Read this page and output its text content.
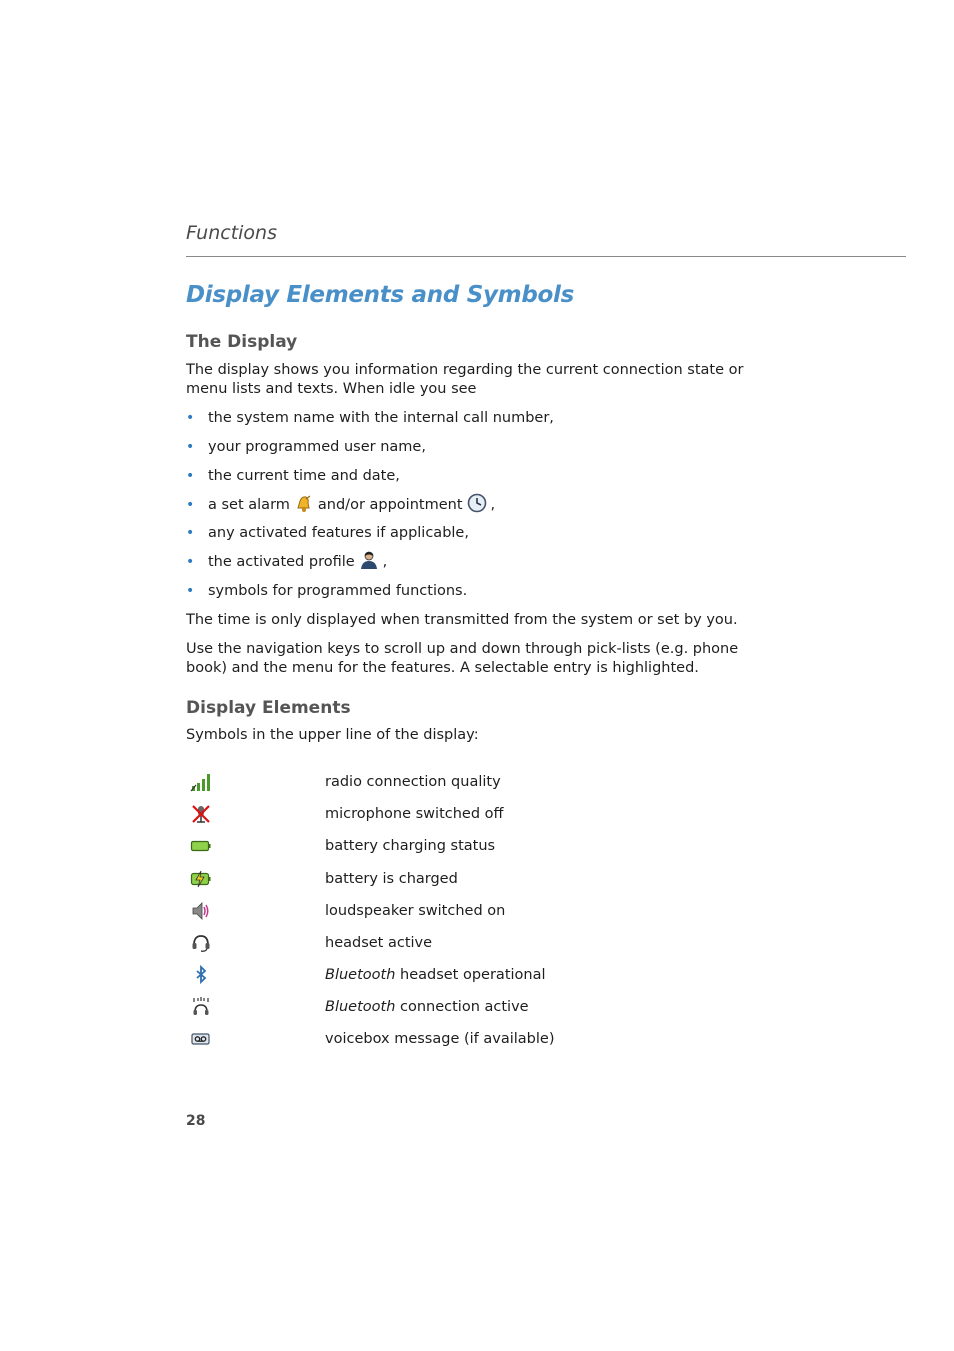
Functions
Display Elements and Symbols
The Display
The display shows you information regarding the current connection state or menu lists and texts. When idle you see
• the system name with the internal call number,
• your programmed user name,
• the current time and date,
• a set alarm and/or appointment ,
• any activated features if applicable,
• the activated profile ,
• symbols for programmed functions.
The time is only displayed when transmitted from the system or set by you.
Use the navigation keys to scroll up and down through pick-lists (e.g. phone book) and the menu for the features. A selectable entry is highlighted.
Display Elements
Symbols in the upper line of the display:
radio connection quality
microphone switched off
battery charging status
battery is charged
loudspeaker switched on
headset active
Bluetooth headset operational
Bluetooth connection active
voicebox message (if available)
28
